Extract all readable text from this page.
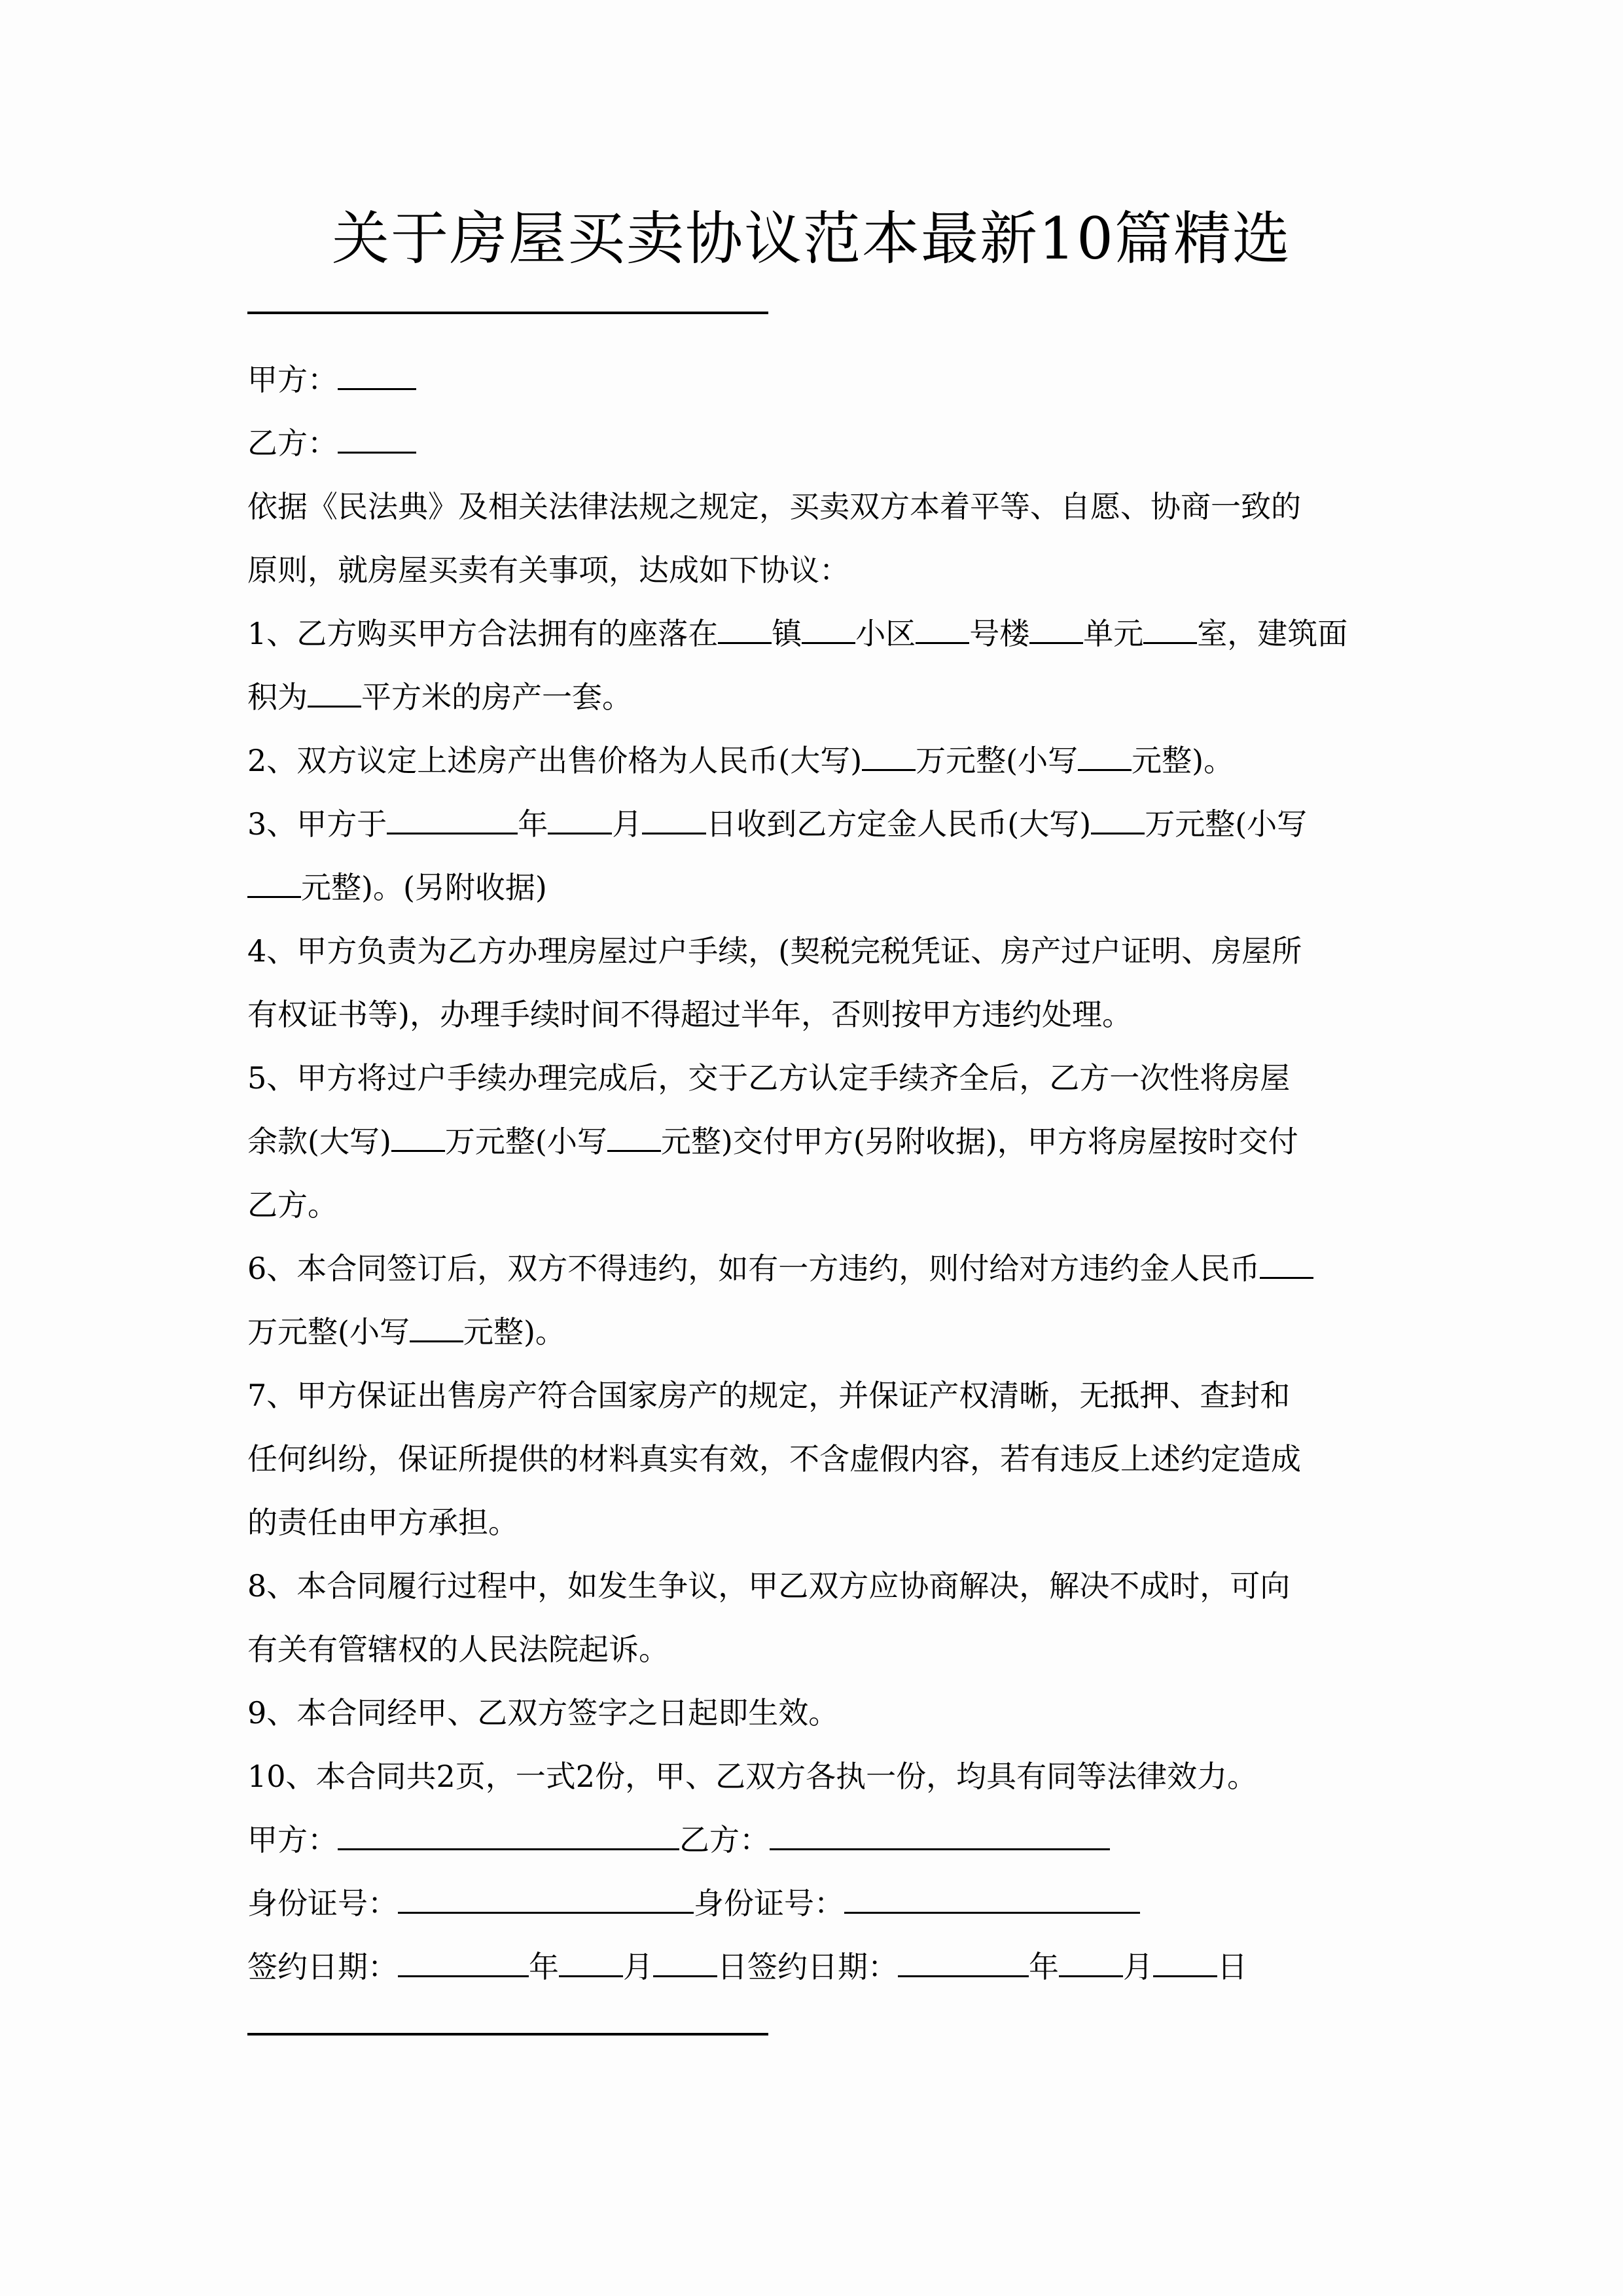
关于房屋买卖协议范本最新10篇精选
甲方：
乙方：
依据《民法典》及相关法律法规之规定，买卖双方本着平等、自愿、协商一致的
原则，就房屋买卖有关事项，达成如下协议：
1、乙方购买甲方合法拥有的座落在 镇 小区 号楼 单元 室，建筑面
积为 平方米的房产一套。
2、双方议定上述房产出售价格为人民币(大写) 万元整(小写 元整)。
3、甲方于	年 月 日收到乙方定金人民币(大写) 万元整(小写
元整)。(另附收据)
4、甲方负责为乙方办理房屋过户手续，(契税完税凭证、房产过户证明、房屋所
有权证书等)，办理手续时间不得超过半年，否则按甲方违约处理。
5、甲方将过户手续办理完成后，交于乙方认定手续齐全后，乙方一次性将房屋
余款(大写) 万元整(小写 元整)交付甲方(另附收据)，甲方将房屋按时交付
乙方。
6、本合同签订后，双方不得违约，如有一方违约，则付给对方违约金人民币
万元整(小写 元整)。
7、甲方保证出售房产符合国家房产的规定，并保证产权清晰，无抵押、查封和
任何纠纷，保证所提供的材料真实有效，不含虚假内容，若有违反上述约定造成
的责任由甲方承担。
8、本合同履行过程中，如发生争议，甲乙双方应协商解决，解决不成时，可向
有关有管辖权的人民法院起诉。
9、本合同经甲、乙双方签字之日起即生效。
10、本合同共2页，一式2份，甲、乙双方各执一份，均具有同等法律效力。
甲方：	乙方：
身份证号：	身份证号：
签约日期：	年 月 日签约日期：	年 月 日
